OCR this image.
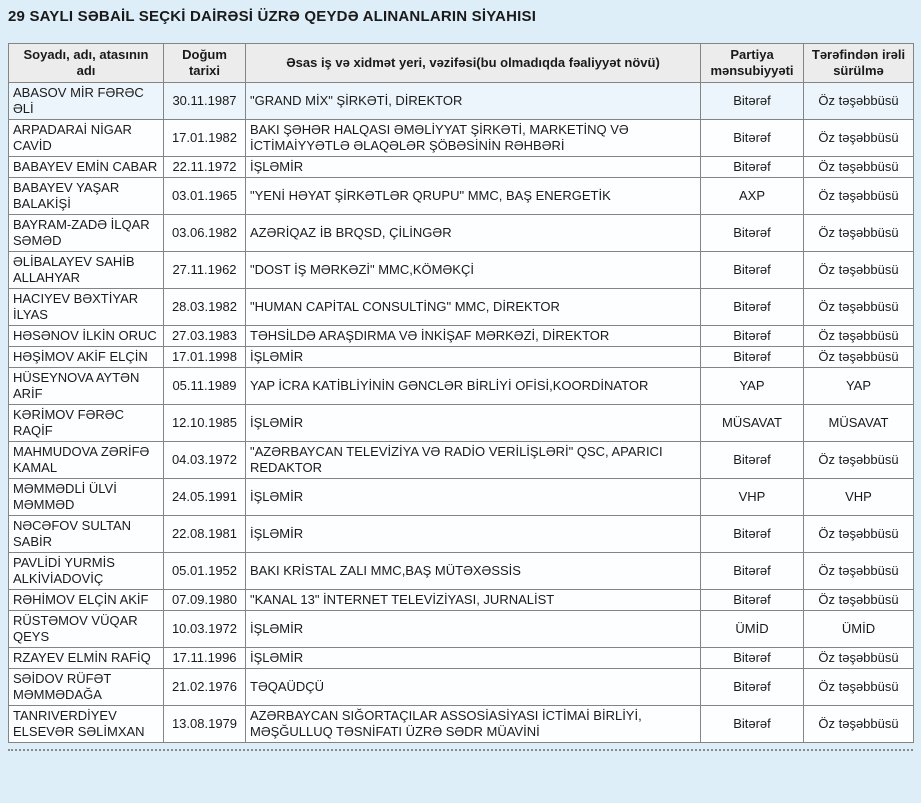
29 SAYLI SƏBAİL SEÇKİ DAİRƏSİ ÜZRƏ QEYDƏ ALINANLARIN SİYAHISI
Soyadı, adı, atasının adı	Doğum tarixi	Əsas iş və xidmət yeri, vəzifəsi(bu olmadıqda fəaliyyət növü)	Partiya mənsubiyyəti	Tərəfindən irəli sürülmə
ABASOV MİR FƏRƏC ƏLİ	30.11.1987	"GRAND MİX" ŞİRKƏTİ, DİREKTOR	Bitərəf	Öz təşəbbüsü
ARPADARAİ NİGAR CAVİD	17.01.1982	BAKI ŞƏHƏR HALQASI ƏMƏLİYYAT ŞİRKƏTİ, MARKETİNQ VƏ İCTİMAİYYƏTLƏ ƏLAQƏLƏR ŞÖBƏSİNİN RƏHBƏRİ	Bitərəf	Öz təşəbbüsü
BABAYEV EMİN CABAR	22.11.1972	İŞLƏMİR	Bitərəf	Öz təşəbbüsü
BABAYEV YAŞAR BALAKİŞİ	03.01.1965	"YENİ HƏYAT ŞİRKƏTLƏR QRUPU" MMC, BAŞ ENERGETİK	AXP	Öz təşəbbüsü
BAYRAM-ZADƏ İLQAR SƏMƏD	03.06.1982	AZƏRİQAZ İB BRQSD, ÇİLİNGƏR	Bitərəf	Öz təşəbbüsü
ƏLİBALAYEV SAHİB ALLAHYAR	27.11.1962	"DOST İŞ MƏRKƏZİ" MMC,KÖMƏKÇİ	Bitərəf	Öz təşəbbüsü
HACIYEV BƏXTİYAR İLYAS	28.03.1982	"HUMAN CAPİTAL CONSULTİNG" MMC, DİREKTOR	Bitərəf	Öz təşəbbüsü
HƏSƏNOV İLKİN ORUC	27.03.1983	TƏHSİLDƏ ARAŞDIRMA VƏ İNKİŞAF MƏRKƏZİ, DİREKTOR	Bitərəf	Öz təşəbbüsü
HƏŞİMOV AKİF ELÇİN	17.01.1998	İŞLƏMİR	Bitərəf	Öz təşəbbüsü
HÜSEYNOVA AYTƏN ARİF	05.11.1989	YAP İCRA KATİBLİYİNİN GƏNCLƏR BİRLİYİ OFİSİ,KOORDİNATOR	YAP	YAP
KƏRİMOV FƏRƏC RAQİF	12.10.1985	İŞLƏMİR	MÜSAVAT	MÜSAVAT
MAHMUDOVA ZƏRİFƏ KAMAL	04.03.1972	"AZƏRBAYCAN TELEVİZİYA VƏ RADİO VERİLİŞLƏRİ" QSC, APARICI REDAKTOR	Bitərəf	Öz təşəbbüsü
MƏMMƏDLİ ÜLVİ MƏMMƏD	24.05.1991	İŞLƏMİR	VHP	VHP
NƏCƏFOV SULTAN SABİR	22.08.1981	İŞLƏMİR	Bitərəf	Öz təşəbbüsü
PAVLİDİ YURMİS ALKİVİADOVİÇ	05.01.1952	BAKI KRİSTAL ZALI MMC,BAŞ MÜTƏXƏSSİS	Bitərəf	Öz təşəbbüsü
RƏHİMOV ELÇİN AKİF	07.09.1980	"KANAL 13" İNTERNET TELEVİZİYASI, JURNALİST	Bitərəf	Öz təşəbbüsü
RÜSTƏMOV VÜQAR QEYS	10.03.1972	İŞLƏMİR	ÜMİD	ÜMİD
RZAYEV ELMİN RAFİQ	17.11.1996	İŞLƏMİR	Bitərəf	Öz təşəbbüsü
SƏİDOV RÜFƏT MƏMMƏDAĞA	21.02.1976	TƏQAÜDÇÜ	Bitərəf	Öz təşəbbüsü
TANRIVERDİYEV ELSEVƏR SƏLİMXAN	13.08.1979	AZƏRBAYCAN SIĞORTAÇILAR ASSOSİASİYASI İCTİMAİ BİRLİYİ, MƏŞĞULLUQ TƏSNİFATI ÜZRƏ SƏDR MÜAVİNİ	Bitərəf	Öz təşəbbüsü
